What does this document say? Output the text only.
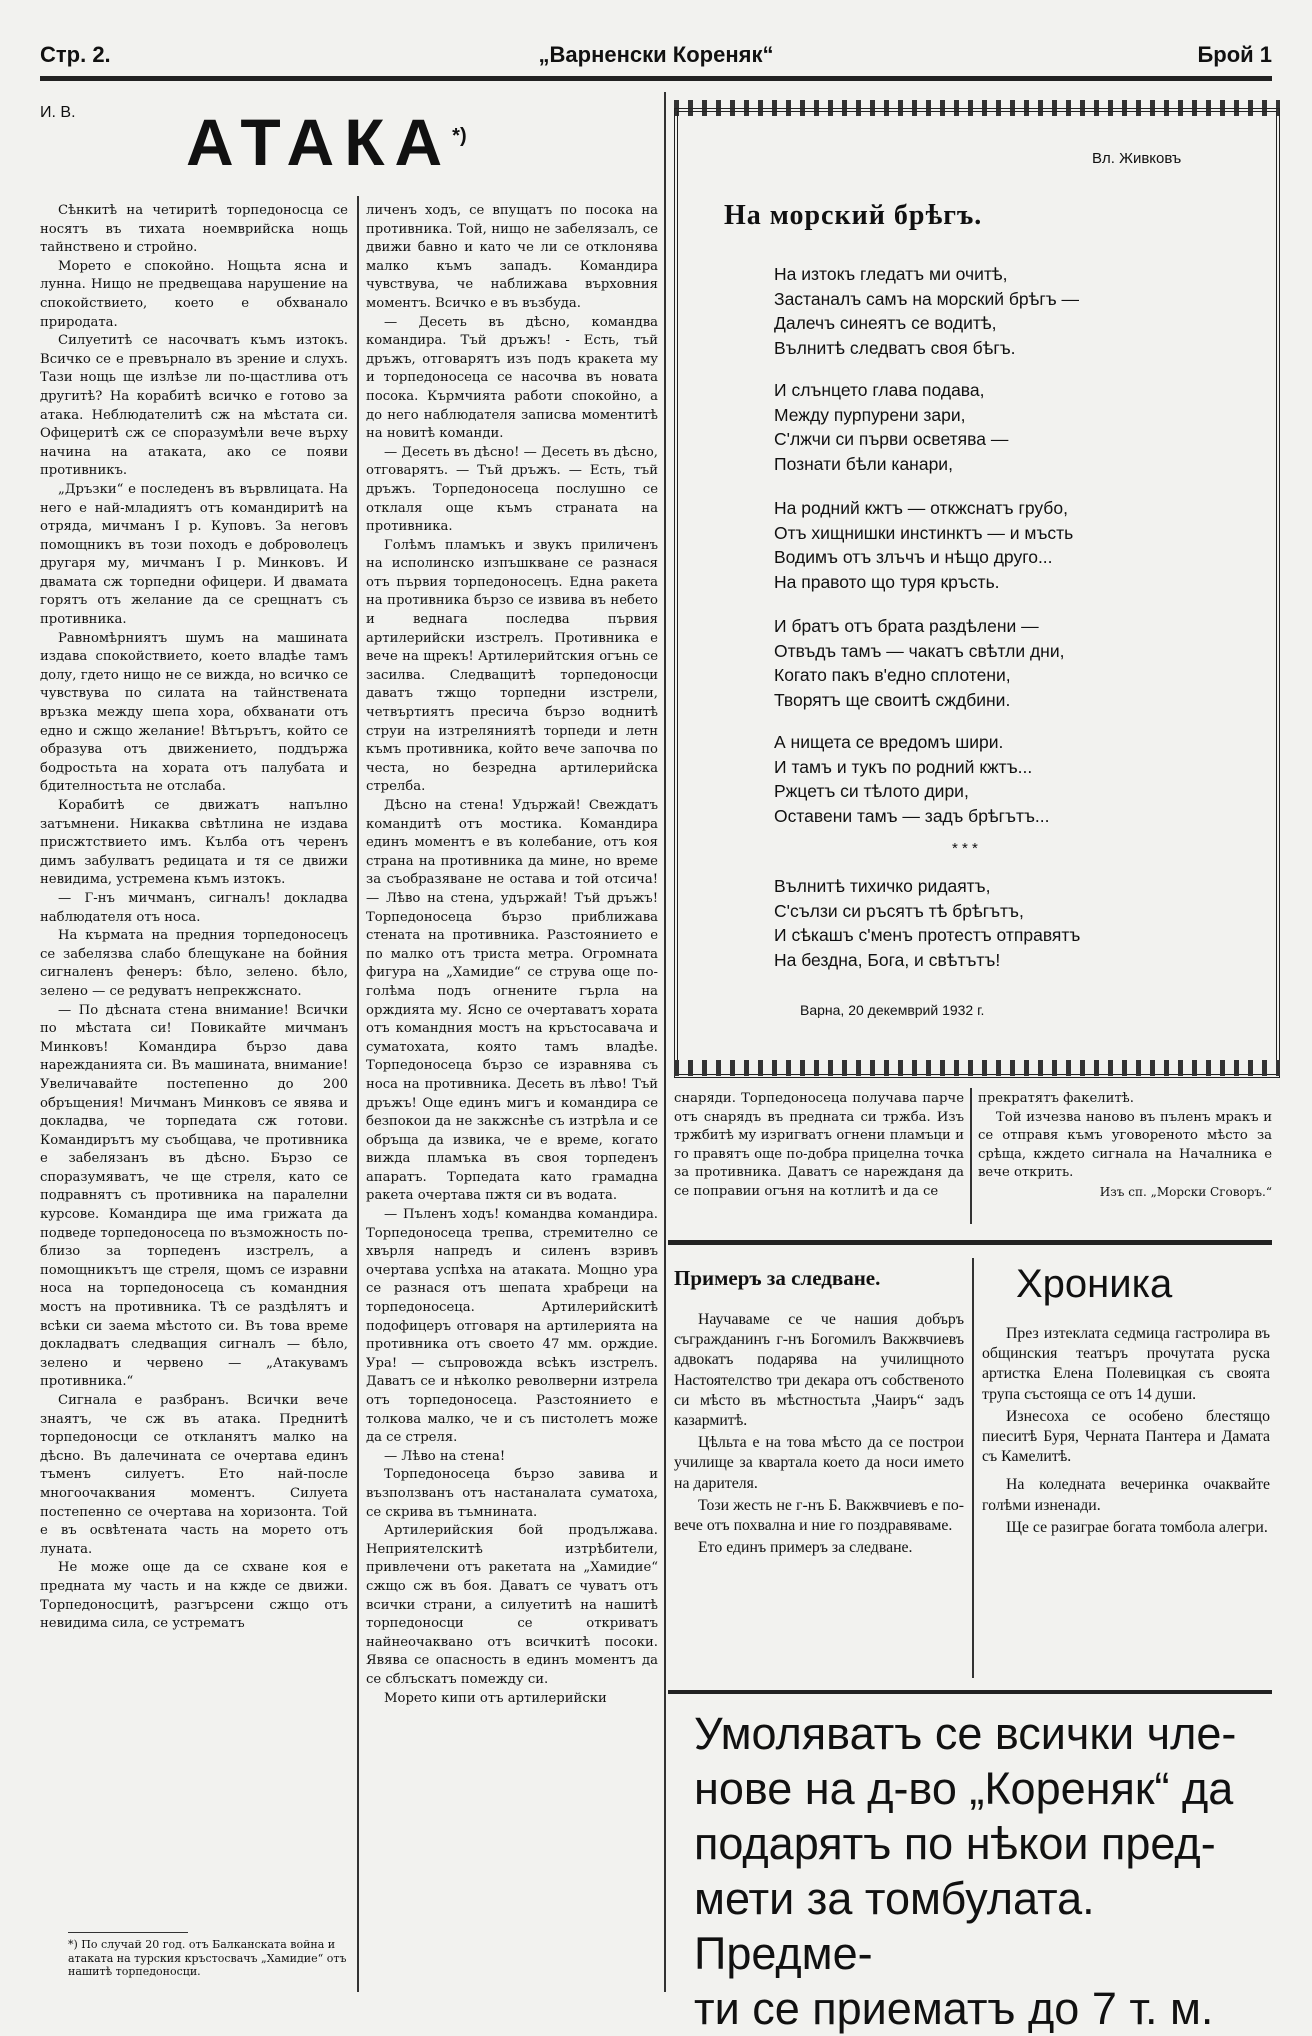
Стр. 2.	„Варненски Кореняк“	Брой 1
И. В. АТАКА*)

Сѣнкитѣ на четиритѣ торпедоносца се носятъ въ тихата ноемврийска нощь тайнствено и стройно.

Морето е спокойно. Нощьта ясна и лунна. Нищо не предвещава нарушение на спокойствието, което е обхванало природата.

Силуетитѣ се насочватъ къмъ изтокъ. Всичко се е превърнало въ зрение и слухъ. Тази нощь ще излѣзе ли по-щастлива отъ другитѣ? На корабитѣ всичко е готово за атака. Неблюдателитѣ сж на мѣстата си. Офицеритѣ сж се споразумѣли вече върху начина на атаката, ако се появи противникъ.

„Дръзки“ е последенъ въ вървлицата. На него е най-младиятъ отъ командиритѣ на отряда, мичманъ I р. Куповъ. За неговъ помощникъ въ този походъ е доброволецъ другаря му, мичманъ I р. Минковъ. И двамата сж торпедни офицери. И двамата горятъ отъ желание да се срещнатъ съ противника.

Равномѣрниятъ шумъ на машината издава спокойствието, което владѣе тамъ долу, гдето нищо не се вижда, но всичко се чувствува по силата на тайнствената връзка между шепа хора, обхванати отъ едно и сжщо желание! Вѣтърътъ, който се образува отъ движението, поддържа бодростьта на хората отъ палубата и бдителностьта не отслаба.

Корабитѣ се движатъ напълно затъмнени. Никаква свѣтлина не издава присжтствието имъ. Кълба отъ черенъ димъ забулватъ редицата и тя се движи невидима, устремена къмъ изтокъ.

— Г-нъ мичманъ, сигналъ! докладва наблюдателя отъ носа.

На кърмата на предния торпедоносецъ се забелязва слабо блещукане на бойния сигналенъ фенеръ: бѣло, зелено. бѣло, зелено — се редуватъ непрекжснато.

— По дѣсната стена внимание! Всички по мѣстата си! Повикайте мичманъ Минковъ! Командира бързо дава нарежданията си. Въ машината, внимание! Увеличавайте постепенно до 200 обръщения! Мичманъ Минковъ се явява и докладва, че торпедата сж готови. Командирътъ му съобщава, че противника е забелязанъ въ дѣсно. Бързо се споразумяватъ, че ще стреля, като се подравнятъ съ противника на паралелни курсове. Командира ще има грижата да подведе торпедоносеца по възможность по-близо за торпеденъ изстрелъ, а помощникътъ ще стреля, щомъ се изравни носа на торпедоносеца съ командния мостъ на противника. Тѣ се раздѣлятъ и всѣки си заема мѣстото си. Въ това време докладватъ следващия сигналъ — бѣло, зелено и червено — „Атакувамъ противника.“

Сигнала е разбранъ. Всички вече знаятъ, че сж въ атака. Преднитѣ торпедоносци се откланятъ малко на дѣсно. Въ далечината се очертава единъ тъменъ силуетъ. Ето най-после многоочаквания моментъ. Силуета постепенно се очертава на хоризонта. Той е въ освѣтената часть на морето отъ луната.

Не може още да се схване коя е предната му часть и на кжде се движи. Торпедоносцитѣ, разгърсени сжщо отъ невидима сила, се устрематъ

*) По случай 20 год. отъ Балканската война и атаката на турския кръстосвачъ „Хамидие“ отъ нашитѣ торпедоносци.

личенъ ходъ, се впущатъ по посока на противника. Той, нищо не забелязалъ, се движи бавно и като че ли се отклонява малко къмъ западъ. Командира чувствува, че наближава върховния моментъ. Всичко е въ възбуда.

— Десеть въ дѣсно, командва командира. Тъй дръжъ! - Есть, тъй дръжъ, отговарятъ изъ подъ кракета му и торпедоносеца се насочва въ новата посока. Кърмчията работи спокойно, а до него наблюдателя записва моментитѣ на новитѣ команди.

— Десеть въ дѣсно! — Десеть въ дѣсно, отговарятъ. — Тъй дръжъ. — Есть, тъй дръжъ. Торпедоносеца послушно се отклаля още къмъ страната на противника.

Голѣмъ пламъкъ и звукъ приличенъ на исполинско изпъшкване се разнася отъ първия торпедоносецъ. Една ракета на противника бързо се извива въ небето и веднага последва първия артилерийски изстрелъ. Противника е вече на щрекъ! Артилерийтския огънь се засилва. Следващитѣ торпедоносци даватъ тжщо торпедни изстрели, четвъртиятъ пресича бързо воднитѣ струи на изтреляниятѣ торпеди и летн къмъ противника, който вече започва по честа, но безредна артилерийска стрелба.

Дѣсно на стена! Удържай! Свеждатъ командитѣ отъ мостика. Командира единъ моментъ е въ колебание, отъ коя страна на противника да мине, но време за съобразяване не остава и той отсича! — Лѣво на стена, удържай! Тъй дръжъ! Торпедоносеца бързо приближава стената на противника. Разстоянието е по малко отъ триста метра. Огромната фигура на „Хамидие“ се струва още по-голѣма подъ огнените гърла на орждията му. Ясно се очертаватъ хората отъ командния мостъ на кръстосавача и суматохата, която тамъ владѣе. Торпедоносеца бързо се изравнява съ носа на противника. Десеть въ лѣво! Тъй дръжъ! Още единъ мигъ и командира се безпокои да не закжснѣе съ изтрѣла и се обръща да извика, че е време, когато вижда пламъка въ своя торпеденъ апаратъ. Торпедата като грамадна ракета очертава пжтя си въ водата.

— Пъленъ ходъ! командва командира. Торпедоносеца трепва, стремително се хвърля напредъ и силенъ взривъ очертава успѣха на атаката. Мощно ура се разнася отъ шепата храбреци на торпедоносеца. Артилерийскитѣ подофицеръ отговаря на артилерията на противника отъ своето 47 мм. орждие. Ура! — съпровожда всѣкъ изстрелъ. Даватъ се и нѣколко револверни изтрела отъ торпедоносеца. Разстоянието е толкова малко, че и съ пистолетъ може да се стреля.

— Лѣво на стена!

Торпедоносеца бързо завива и възползванъ отъ настаналата суматоха, се скрива въ тъмнината.

Артилерийския бой продължава. Неприятелскитѣ изтрѣбители, привлечени отъ ракетата на „Хамидие“ сжщо сж въ боя. Даватъ се чуватъ отъ всички страни, а силуетитѣ на нашитѣ торпедоносци се откриватъ найнеочаквано отъ всичкитѣ посоки. Явява се опасность в единъ моментъ да се сблъскатъ помежду си.

Морето кипи отъ артилерийски

Вл. Живковъ
На морский брѣгъ.
На изтокъ гледатъ ми очитѣ,
Застаналъ самъ на морский брѣгъ —
Далечъ синеятъ се водитѣ,
Вълнитѣ следватъ своя бѣгъ.
И слънцето глава подава,
Между пурпурени зари,
С'лжчи си първи осветява —
Познати бѣли канари,
На родний кжтъ — откжснатъ грубо,
Отъ хищнишки инстинктъ — и мъсть
Водимъ отъ злъчъ и нѣщо друго...
На правото що туря кръсть.
И братъ отъ брата раздѣлени —
Отвъдъ тамъ — чакатъ свѣтли дни,
Когато пакъ в'едно сплотени,
Творятъ ще своитѣ сждбини.
А нищета се вредомъ шири.
И тамъ и тукъ по родний кжтъ...
Ржцетъ си тѣлото дири,
Оставени тамъ — задъ брѣгътъ...
* * *
Вълнитѣ тихичко ридаятъ,
С'сълзи си ръсятъ тѣ брѣгътъ,
И сѣкашъ с'менъ протестъ отправятъ
На бездна, Бога, и свѣтътъ!
Варна, 20 декемврий 1932 г.

снаряди. Торпедоносеца получава парче отъ снарядъ въ предната си тржба. Изъ тржбитѣ му изригватъ огнени пламъци и го правятъ още по-добра прицелна точка за противника. Даватъ се нарежданя да се поправии огъня на котлитѣ и да се

прекратятъ факелитѣ.

Той изчезва наново въ пъленъ мракъ и се отправя къмъ уговореното мѣсто за срѣща, кждето сигнала на Началника е вече открить.

Изъ сп. „Морски Сговоръ.“
Примеръ за следване.

Научаваме се че нашия добъръ съгражданинъ г-нъ Богомилъ Вакжвчиевъ адвокатъ подарява на училищното Настоятелство три декара отъ собственото си мѣсто въ мѣстностьта „Чаиръ“ задъ казармитѣ.

Цѣльта е на това мѣсто да се построи училище за квартала което да носи името на дарителя.

Този жесть не г-нъ Б. Вакжвчиевъ е по-вече отъ похвална и ние го поздравяваме.

Ето единъ примеръ за следване.

Хроника

През изтеклата седмица гастролира въ общинския театъръ прочутата руска артистка Елена Полевицкая съ своята трупа състояща се отъ 14 души.

Изнесоха се особено блестящо пиеситѣ Буря, Черната Пантера и Дамата съ Камелитѣ.

На коледната вечеринка очаквайте голѣми изненади.

Ще се разиграе богата томбола алегри.

Умоляватъ се всички чле-
нове на д-во „Кореняк“ да
подарятъ по нѣкои пред-
мети за томбулата. Предме-
ти се приематъ до 7 т. м.
